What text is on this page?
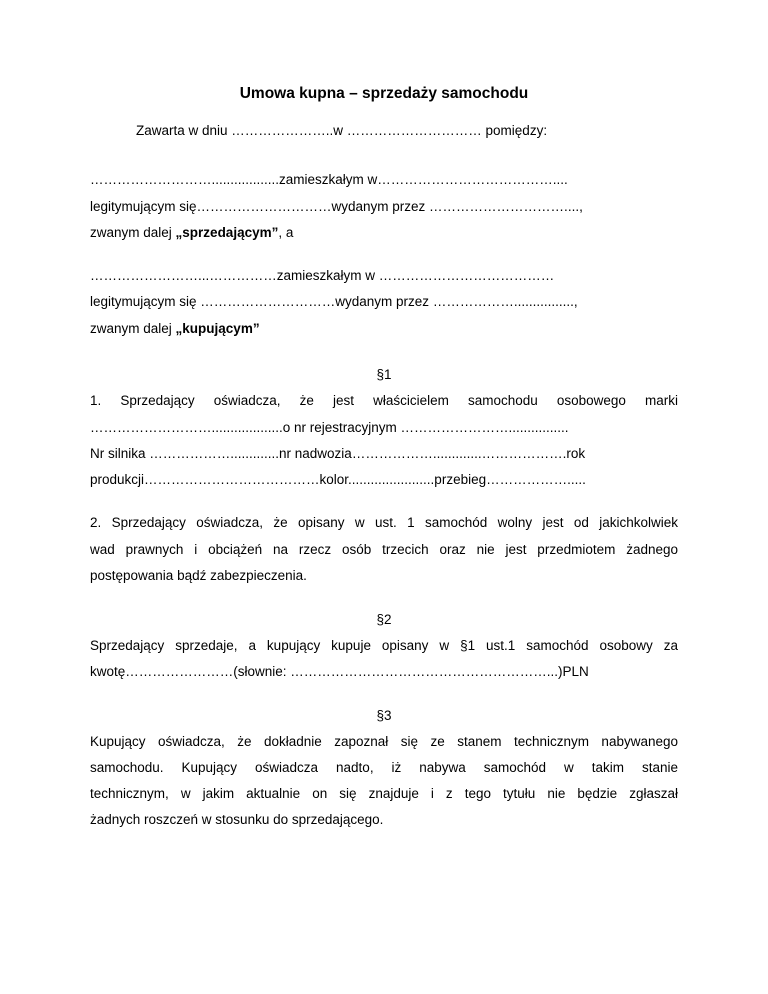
Umowa kupna – sprzedaży samochodu
Zawarta w dniu …………………..w ………………………… pomiędzy:
………………………..................zamieszkałym w…………………………………....
legitymującym się…………………………wydanym przez …………………………....,
zwanym dalej „sprzedającym”, a
……………………...……………zamieszkałym w …………………………………
legitymującym się …………………………wydanym przez ………………................,
zwanym dalej „kupującym”
§1
1. Sprzedający oświadcza, że jest właścicielem samochodu osobowego marki
………………………...................o nr rejestracyjnym ……………………................
Nr silnika ……………….............nr nadwozia……………….............……………….rok
produkcji…………………………………kolor.......................przebieg……………….....
2. Sprzedający oświadcza, że opisany w ust. 1 samochód wolny jest od jakichkolwiek
wad prawnych i obciążeń na rzecz osób trzecich oraz nie jest przedmiotem żadnego
postępowania bądź zabezpieczenia.
§2
Sprzedający sprzedaje, a kupujący kupuje opisany w §1 ust.1 samochód osobowy za
kwotę……………………(słownie: …………………………………………………...)PLN
§3
Kupujący oświadcza, że dokładnie zapoznał się ze stanem technicznym nabywanego
samochodu. Kupujący oświadcza nadto, iż nabywa samochód w takim stanie
technicznym, w jakim aktualnie on się znajduje i z tego tytułu nie będzie zgłaszał
żadnych roszczeń w stosunku do sprzedającego.
